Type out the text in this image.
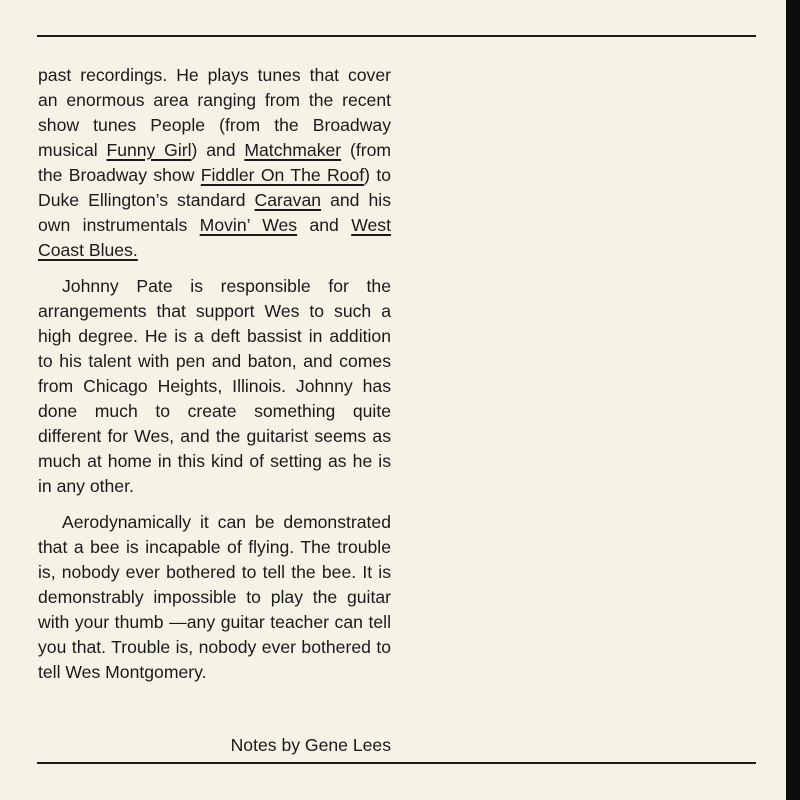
past recordings. He plays tunes that cover an enormous area ranging from the recent show tunes People (from the Broadway musical Funny Girl) and Matchmaker (from the Broadway show Fiddler On The Roof) to Duke Ellington’s standard Caravan and his own instrumentals Movin’ Wes and West Coast Blues.

Johnny Pate is responsible for the arrangements that support Wes to such a high degree. He is a deft bassist in addition to his talent with pen and baton, and comes from Chicago Heights, Illinois. Johnny has done much to create something quite different for Wes, and the guitarist seems as much at home in this kind of setting as he is in any other.

Aerodynamically it can be demonstrated that a bee is incapable of flying. The trouble is, nobody ever bothered to tell the bee. It is demonstrably impossible to play the guitar with your thumb —any guitar teacher can tell you that. Trouble is, nobody ever bothered to tell Wes Montgomery.

Notes by Gene Lees
